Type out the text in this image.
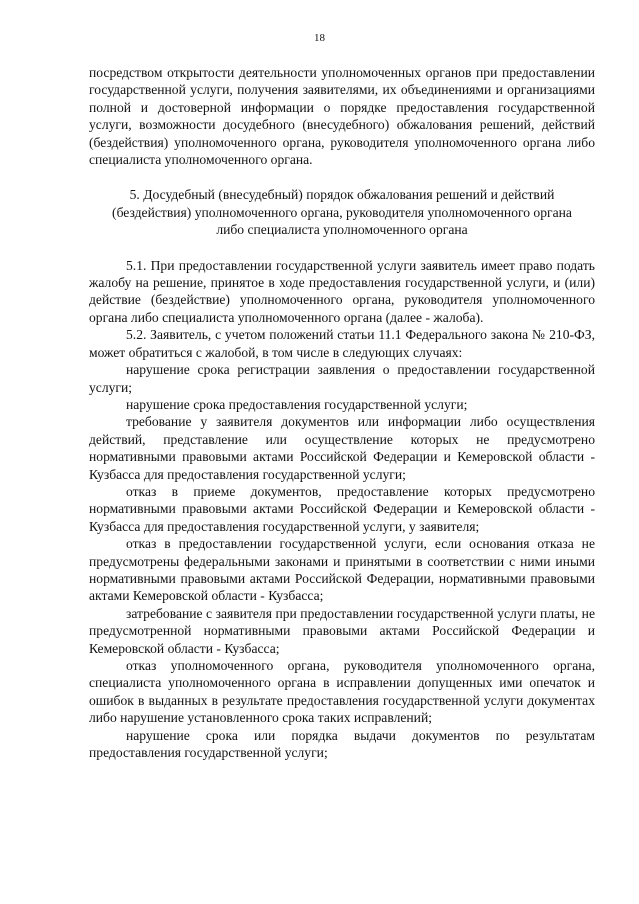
18

посредством открытости деятельности уполномоченных органов при предоставлении государственной услуги, получения заявителями, их объединениями и организациями полной и достоверной информации о порядке предоставления государственной услуги, возможности досудебного (внесудебного) обжалования решений, действий (бездействия) уполномоченного органа, руководителя уполномоченного органа либо специалиста уполномоченного органа.

5. Досудебный (внесудебный) порядок обжалования решений и действий (бездействия) уполномоченного органа, руководителя уполномоченного органа либо специалиста уполномоченного органа

5.1. При предоставлении государственной услуги заявитель имеет право подать жалобу на решение, принятое в ходе предоставления государственной услуги, и (или) действие (бездействие) уполномоченного органа, руководителя уполномоченного органа либо специалиста уполномоченного органа (далее - жалоба).

5.2. Заявитель, с учетом положений статьи 11.1 Федерального закона № 210-ФЗ, может обратиться с жалобой, в том числе в следующих случаях:

нарушение срока регистрации заявления о предоставлении государственной услуги;

нарушение срока предоставления государственной услуги;

требование у заявителя документов или информации либо осуществления действий, представление или осуществление которых не предусмотрено нормативными правовыми актами Российской Федерации и Кемеровской области - Кузбасса для предоставления государственной услуги;

отказ в приеме документов, предоставление которых предусмотрено нормативными правовыми актами Российской Федерации и Кемеровской области - Кузбасса для предоставления государственной услуги, у заявителя;

отказ в предоставлении государственной услуги, если основания отказа не предусмотрены федеральными законами и принятыми в соответствии с ними иными нормативными правовыми актами Российской Федерации, нормативными правовыми актами Кемеровской области - Кузбасса;

затребование с заявителя при предоставлении государственной услуги платы, не предусмотренной нормативными правовыми актами Российской Федерации и Кемеровской области - Кузбасса;

отказ уполномоченного органа, руководителя уполномоченного органа, специалиста уполномоченного органа в исправлении допущенных ими опечаток и ошибок в выданных в результате предоставления государственной услуги документах либо нарушение установленного срока таких исправлений;

нарушение срока или порядка выдачи документов по результатам предоставления государственной услуги;
